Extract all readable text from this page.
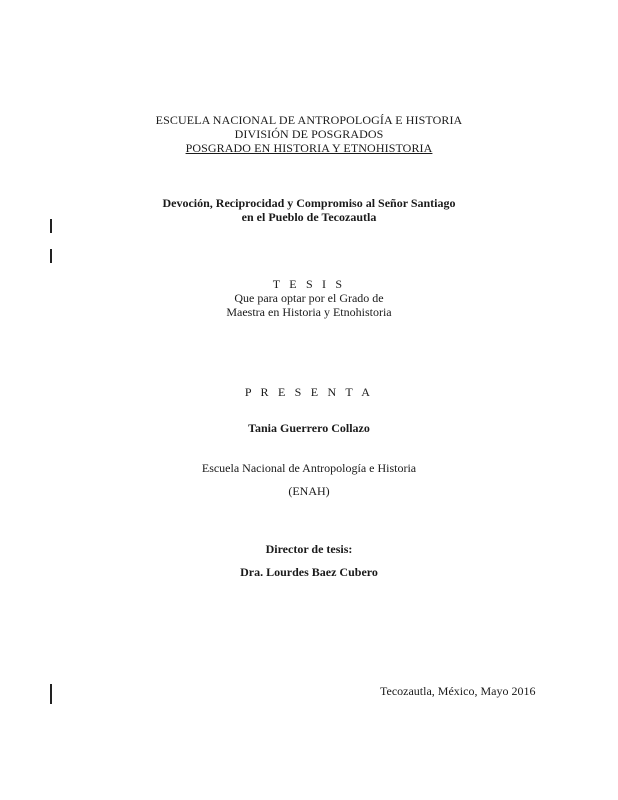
ESCUELA NACIONAL DE ANTROPOLOGÍA E HISTORIA
DIVISIÓN DE POSGRADOS
POSGRADO EN HISTORIA Y ETNOHISTORIA
Devoción, Reciprocidad y Compromiso al Señor Santiago
en el Pueblo de Tecozautla
T E S I S
Que para optar por el Grado de
Maestra en Historia y Etnohistoria
P R E S E N T A
Tania Guerrero Collazo
Escuela Nacional de Antropología e Historia
(ENAH)
Director de tesis:
Dra. Lourdes Baez Cubero
Tecozautla, México, Mayo 2016
